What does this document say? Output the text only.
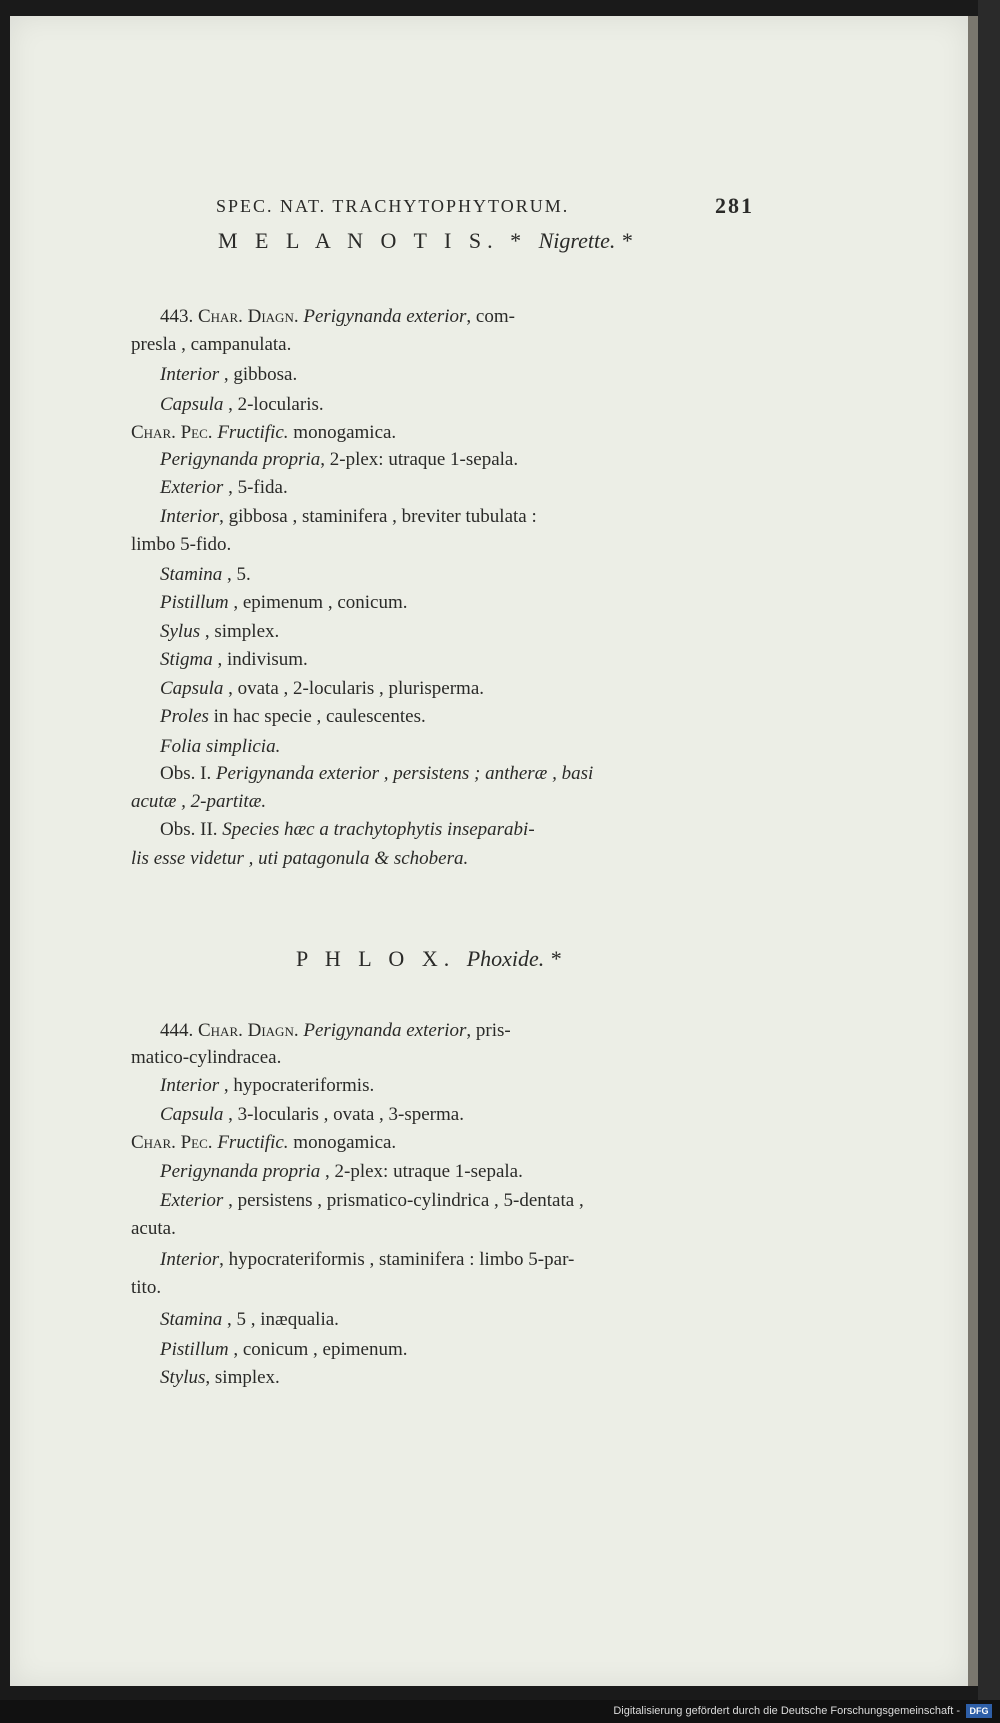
SPEC. NAT. TRACHYTOPHYTORUM.	281
M E L A N O T I S. * Nigrette. *
443. Char. Diagn. Perigynanda exterior, com-
presla , campanulata.
Interior , gibbosa.
Capsula , 2-locularis.
Char. Pec. Fructific. monogamica.
Perigynanda propria, 2-plex: utraque 1-sepala.
Exterior , 5-fida.
Interior, gibbosa , staminifera , breviter tubulata :
limbo 5-fido.
Stamina , 5.
Pistillum , epimenum , conicum.
Sylus , simplex.
Stigma , indivisum.
Capsula , ovata , 2-locularis , plurisperma.
Proles in hac specie , caulescentes.
Folia simplicia.
Obs. I. Perigynanda exterior , persistens ; antheræ , basi
acutæ , 2-partitæ.
Obs. II. Species hæc a trachytophytis inseparabi-
lis esse videtur , uti patagonula & schobera.
P H L O X. Phoxide. *
444. Char. Diagn. Perigynanda exterior, pris-
matico-cylindracea.
Interior , hypocrateriformis.
Capsula , 3-locularis , ovata , 3-sperma.
Char. Pec. Fructific. monogamica.
Perigynanda propria , 2-plex: utraque 1-sepala.
Exterior , persistens , prismatico-cylindrica , 5-dentata ,
acuta.
Interior, hypocrateriformis , staminifera : limbo 5-par-
tito.
Stamina , 5 , inæqualia.
Pistillum , conicum , epimenum.
Stylus, simplex.
Digitalisierung gefördert durch die Deutsche Forschungsgemeinschaft -	DFG
